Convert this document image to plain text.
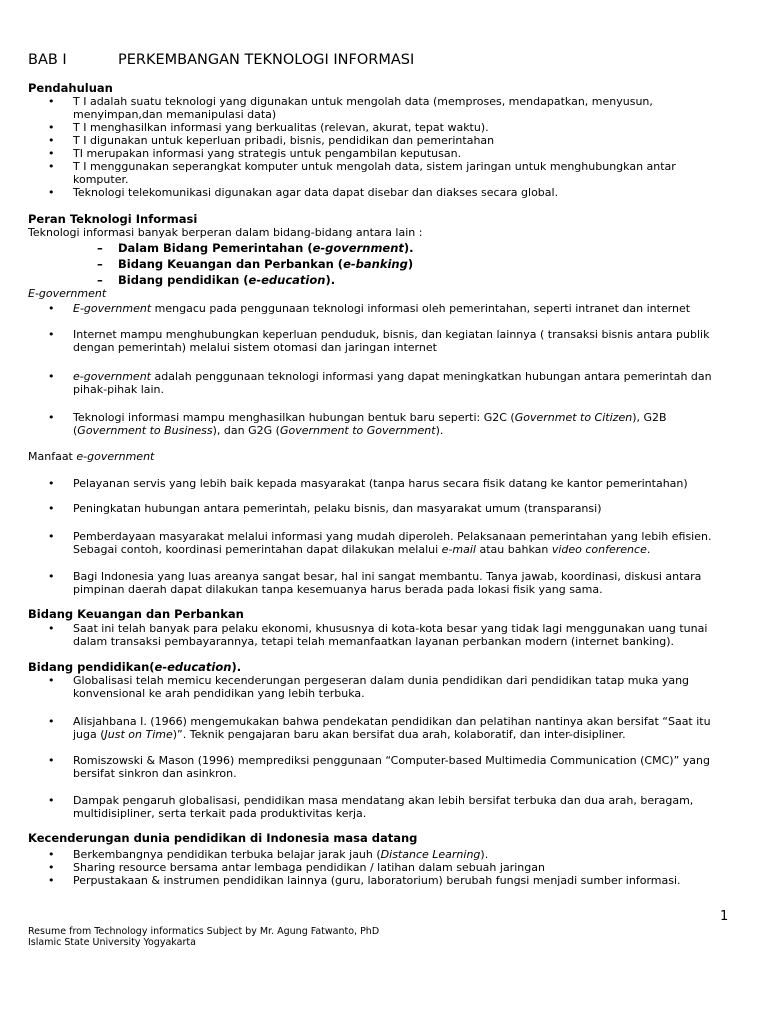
BAB I	PERKEMBANGAN TEKNOLOGI INFORMASI
Pendahuluan
• T I adalah suatu teknologi yang digunakan untuk mengolah data (memproses, mendapatkan, menyusun, menyimpan,dan memanipulasi data)
• T I menghasilkan informasi yang berkualitas (relevan, akurat, tepat waktu).
• T I digunakan untuk keperluan pribadi, bisnis, pendidikan dan pemerintahan
• TI merupakan informasi yang strategis untuk pengambilan keputusan.
• T I menggunakan seperangkat komputer untuk mengolah data, sistem jaringan untuk menghubungkan antar komputer.
• Teknologi telekomunikasi digunakan agar data dapat disebar dan diakses secara global.
Peran Teknologi Informasi
Teknologi informasi banyak berperan dalam bidang-bidang antara lain :
– Dalam Bidang Pemerintahan (e-government).
– Bidang Keuangan dan Perbankan (e-banking)
– Bidang pendidikan (e-education).
E-government
• E-government mengacu pada penggunaan teknologi informasi oleh pemerintahan, seperti intranet dan internet
• Internet mampu menghubungkan keperluan penduduk, bisnis, dan kegiatan lainnya ( transaksi bisnis antara publik dengan pemerintah) melalui sistem otomasi dan jaringan internet
• e-government adalah penggunaan teknologi informasi yang dapat meningkatkan hubungan antara pemerintah dan pihak-pihak lain.
• Teknologi informasi mampu menghasilkan hubungan bentuk baru seperti: G2C (Governmet to Citizen), G2B (Government to Business), dan G2G (Government to Government).
Manfaat e-government
• Pelayanan servis yang lebih baik kepada masyarakat (tanpa harus secara fisik datang ke kantor pemerintahan)
• Peningkatan hubungan antara pemerintah, pelaku bisnis, dan masyarakat umum (transparansi)
• Pemberdayaan masyarakat melalui informasi yang mudah diperoleh. Pelaksanaan pemerintahan yang lebih efisien. Sebagai contoh, koordinasi pemerintahan dapat dilakukan melalui e-mail atau bahkan video conference.
• Bagi Indonesia yang luas areanya sangat besar, hal ini sangat membantu. Tanya jawab, koordinasi, diskusi antara pimpinan daerah dapat dilakukan tanpa kesemuanya harus berada pada lokasi fisik yang sama.
Bidang Keuangan dan Perbankan
• Saat ini telah banyak para pelaku ekonomi, khususnya di kota-kota besar yang tidak lagi menggunakan uang tunai dalam transaksi pembayarannya, tetapi telah memanfaatkan layanan perbankan modern (internet banking).
Bidang pendidikan(e-education).
• Globalisasi telah memicu kecenderungan pergeseran dalam dunia pendidikan dari pendidikan tatap muka yang konvensional ke arah pendidikan yang lebih terbuka.
• Alisjahbana I. (1966) mengemukakan bahwa pendekatan pendidikan dan pelatihan nantinya akan bersifat “Saat itu juga (Just on Time)”. Teknik pengajaran baru akan bersifat dua arah, kolaboratif, dan inter-disipliner.
• Romiszowski & Mason (1996) memprediksi penggunaan “Computer-based Multimedia Communication (CMC)” yang bersifat sinkron dan asinkron.
• Dampak pengaruh globalisasi, pendidikan masa mendatang akan lebih bersifat terbuka dan dua arah, beragam, multidisipliner, serta terkait pada produktivitas kerja.
Kecenderungan dunia pendidikan di Indonesia masa datang
• Berkembangnya pendidikan terbuka belajar jarak jauh (Distance Learning).
• Sharing resource bersama antar lembaga pendidikan / latihan dalam sebuah jaringan
• Perpustakaan & instrumen pendidikan lainnya (guru, laboratorium) berubah fungsi menjadi sumber informasi.
1
Resume from Technology informatics Subject by Mr. Agung Fatwanto, PhD
Islamic State University Yogyakarta
